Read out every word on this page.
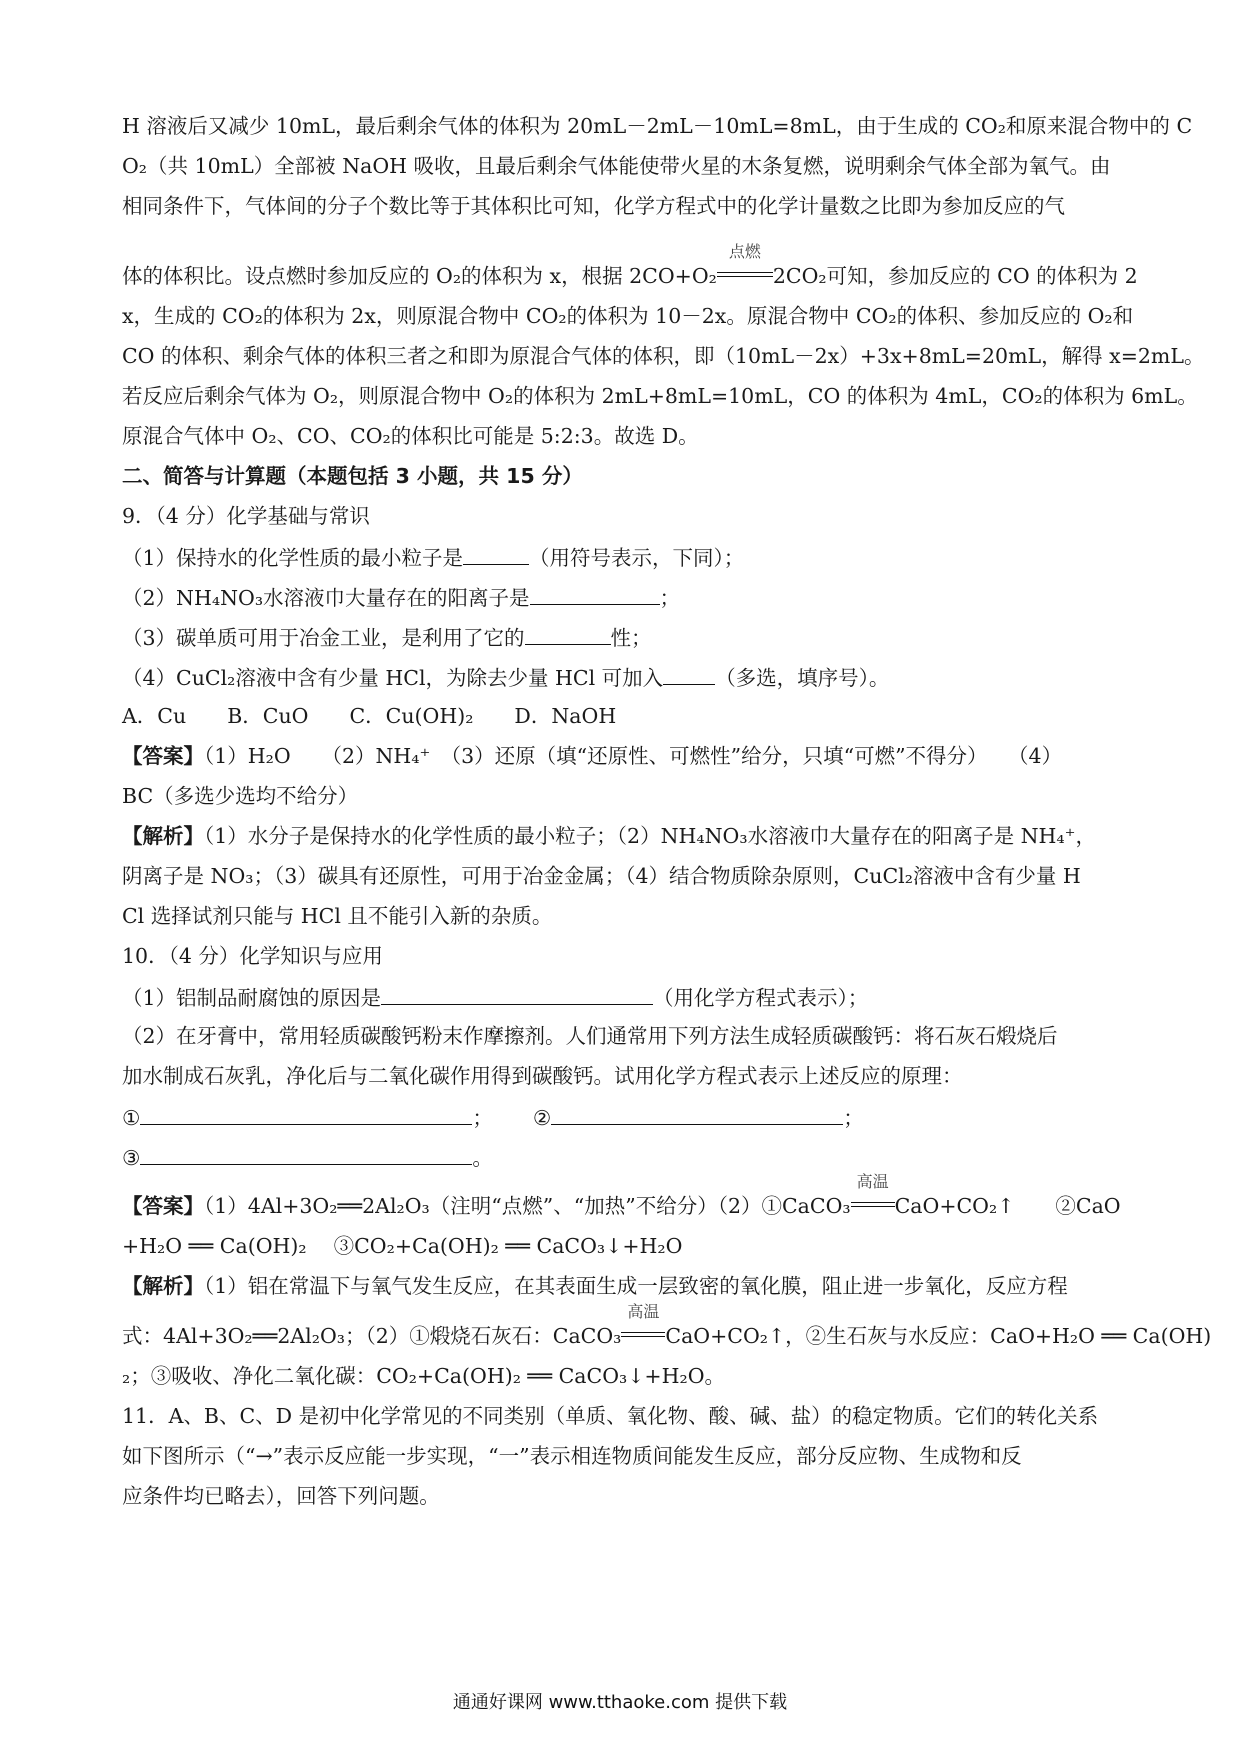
H 溶液后又减少 10mL，最后剩余气体的体积为 20mL－2mL－10mL=8mL，由于生成的 CO₂和原来混合物中的 C
O₂（共 10mL）全部被 NaOH 吸收，且最后剩余气体能使带火星的木条复燃，说明剩余气体全部为氧气。由
相同条件下，气体间的分子个数比等于其体积比可知，化学方程式中的化学计量数之比即为参加反应的气
体的体积比。设点燃时参加反应的 O₂的体积为 x，根据 2CO+O₂
点燃
2CO₂可知，参加反应的 CO 的体积为 2
x，生成的 CO₂的体积为 2x，则原混合物中 CO₂的体积为 10－2x。原混合物中 CO₂的体积、参加反应的 O₂和
CO 的体积、剩余气体的体积三者之和即为原混合气体的体积，即（10mL－2x）+3x+8mL=20mL，解得 x=2mL。
若反应后剩余气体为 O₂，则原混合物中 O₂的体积为 2mL+8mL=10mL，CO 的体积为 4mL，CO₂的体积为 6mL。
原混合气体中 O₂、CO、CO₂的体积比可能是 5:2:3。故选 D。
二、简答与计算题（本题包括 3 小题，共 15 分）
9．（4 分）化学基础与常识
（1）保持水的化学性质的最小粒子是	（用符号表示，下同）；
（2）NH₄NO₃水溶液巾大量存在的阳离子是	；
（3）碳单质可用于冶金工业，是利用了它的	性；
（4）CuCl₂溶液中含有少量 HCl，为除去少量 HCl 可加入	（多选，填序号）。
A．Cu　　B．CuO　　C．Cu(OH)₂　　D．NaOH
【答案】（1）H₂O　　（2）NH₄⁺　（3）还原（填“还原性、可燃性”给分，只填“可燃”不得分）　　（4）
BC（多选少选均不给分）
【解析】（1）水分子是保持水的化学性质的最小粒子；（2）NH₄NO₃水溶液巾大量存在的阳离子是 NH₄⁺，
阴离子是 NO₃；（3）碳具有还原性，可用于冶金金属；（4）结合物质除杂原则，CuCl₂溶液中含有少量 H
Cl 选择试剂只能与 HCl 且不能引入新的杂质。
10．（4 分）化学知识与应用
（1）铝制品耐腐蚀的原因是	（用化学方程式表示）；
（2）在牙膏中，常用轻质碳酸钙粉末作摩擦剂。人们通常用下列方法生成轻质碳酸钙：将石灰石煅烧后
加水制成石灰乳，净化后与二氧化碳作用得到碳酸钙。试用化学方程式表示上述反应的原理：
①	； ②	；
③	。
【答案】（1）4Al+3O₂══2Al₂O₃（注明“点燃”、“加热”不给分）（2）①CaCO₃
高温
CaO+CO₂↑　　②CaO
+H₂O ══ Ca(OH)₂　 ③CO₂+Ca(OH)₂ ══ CaCO₃↓+H₂O
【解析】（1）铝在常温下与氧气发生反应，在其表面生成一层致密的氧化膜，阻止进一步氧化，反应方程
式：4Al+3O₂══2Al₂O₃；（2）①煅烧石灰石：CaCO₃
高温
CaO+CO₂↑，②生石灰与水反应：CaO+H₂O ══ Ca(OH)
₂；③吸收、净化二氧化碳：CO₂+Ca(OH)₂ ══ CaCO₃↓+H₂O。
11．A、B、C、D 是初中化学常见的不同类别（单质、氧化物、酸、碱、盐）的稳定物质。它们的转化关系
如下图所示（“→”表示反应能一步实现，“一”表示相连物质间能发生反应，部分反应物、生成物和反
应条件均已略去），回答下列问题。
通通好课网 www.tthaoke.com 提供下载
